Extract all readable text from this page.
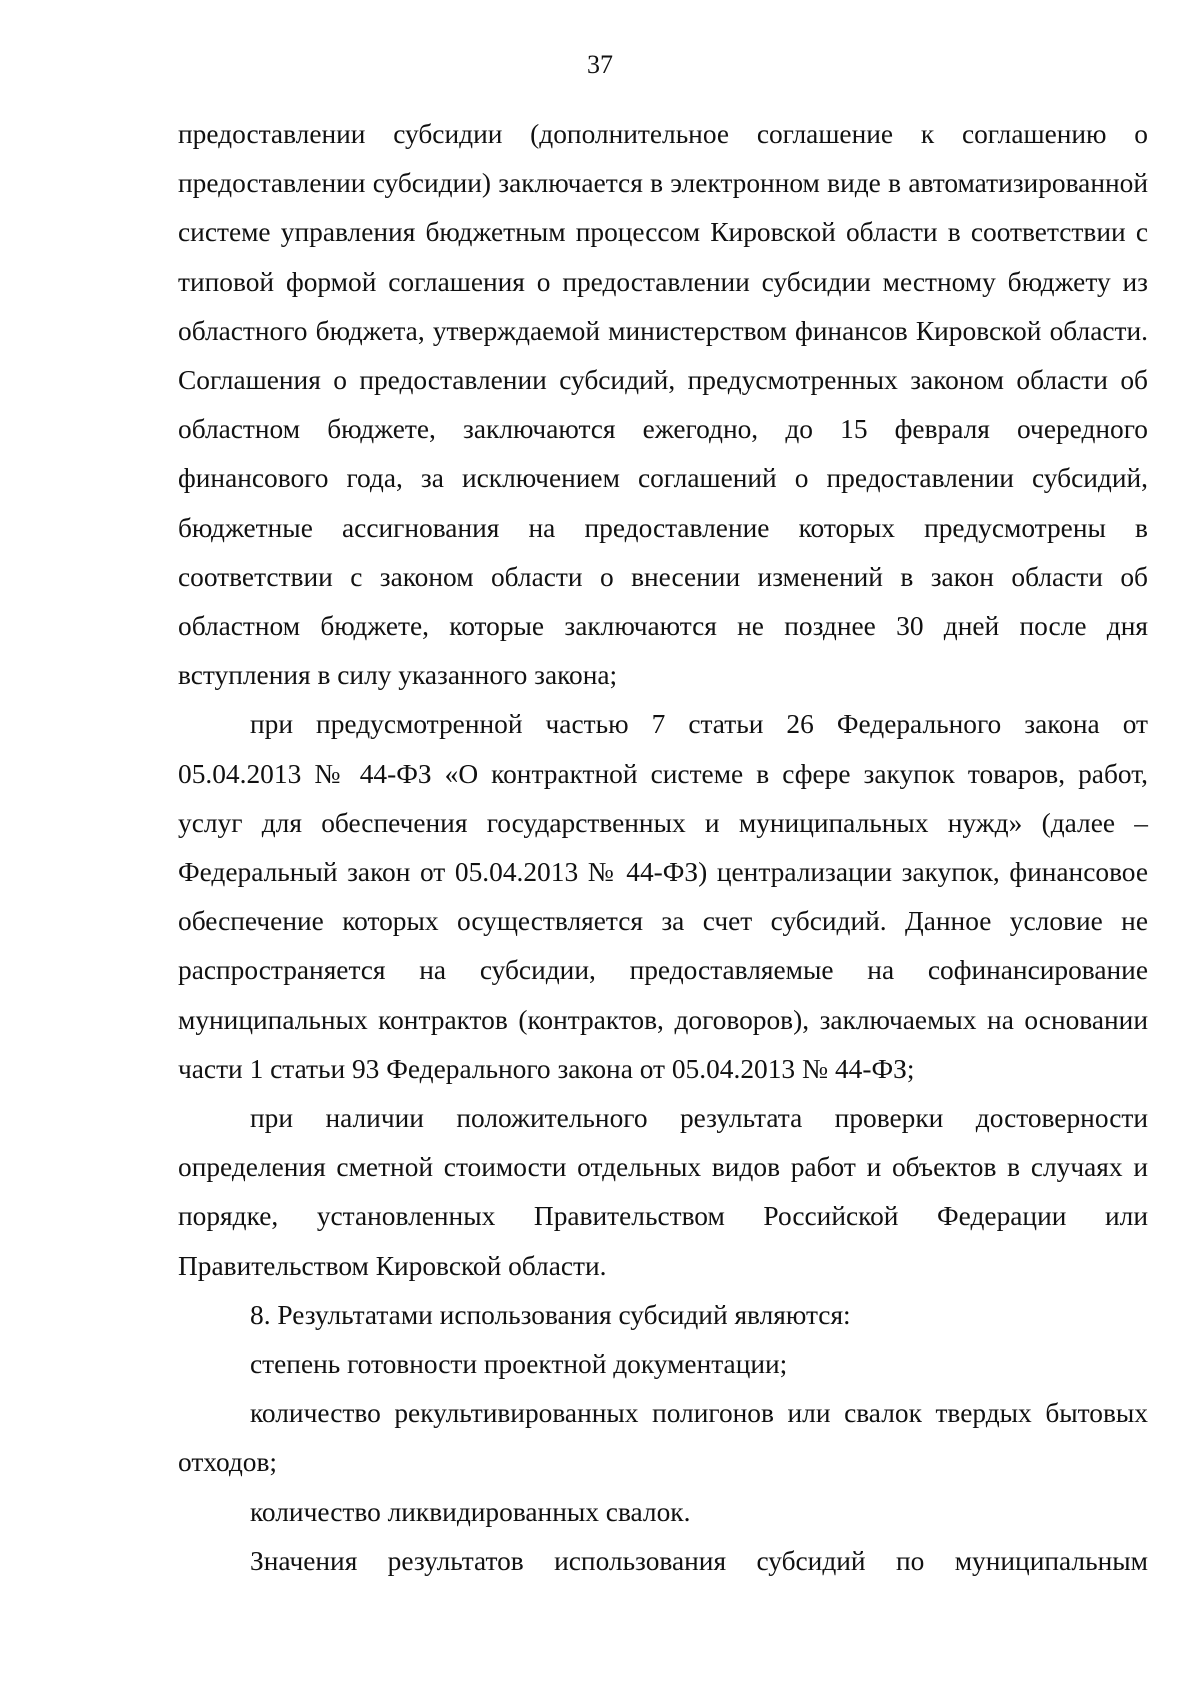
37

предоставлении субсидии (дополнительное соглашение к соглашению о предоставлении субсидии) заключается в электронном виде в автоматизированной системе управления бюджетным процессом Кировской области в соответствии с типовой формой соглашения о предоставлении субсидии местному бюджету из областного бюджета, утверждаемой министерством финансов Кировской области. Соглашения о предоставлении субсидий, предусмотренных законом области об областном бюджете, заключаются ежегодно, до 15 февраля очередного финансового года, за исключением соглашений о предоставлении субсидий, бюджетные ассигнования на предоставление которых предусмотрены в соответствии с законом области о внесении изменений в закон области об областном бюджете, которые заключаются не позднее 30 дней после дня вступления в силу указанного закона;

при предусмотренной частью 7 статьи 26 Федерального закона от 05.04.2013 № 44-ФЗ «О контрактной системе в сфере закупок товаров, работ, услуг для обеспечения государственных и муниципальных нужд» (далее – Федеральный закон от 05.04.2013 № 44-ФЗ) централизации закупок, финансовое обеспечение которых осуществляется за счет субсидий. Данное условие не распространяется на субсидии, предоставляемые на софинансирование муниципальных контрактов (контрактов, договоров), заключаемых на основании части 1 статьи 93 Федерального закона от 05.04.2013 № 44-ФЗ;

при наличии положительного результата проверки достоверности определения сметной стоимости отдельных видов работ и объектов в случаях и порядке, установленных Правительством Российской Федерации или Правительством Кировской области.

8. Результатами использования субсидий являются:

степень готовности проектной документации;

количество рекультивированных полигонов или свалок твердых бытовых отходов;

количество ликвидированных свалок.

Значения результатов использования субсидий по муниципальным
